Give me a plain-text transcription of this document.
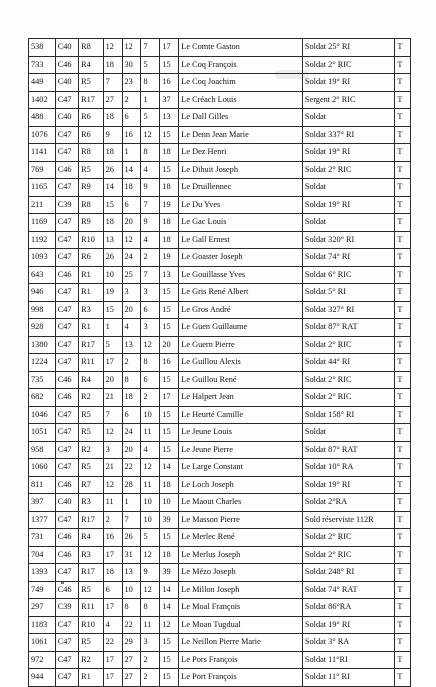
538	C40	R8	12	12	7	17	Le Comte Gaston	Soldat 25° RI	T
733	C46	R4	18	30	5	15	Le Coq François	Soldat 2° RIC	T
449	C40	R5	7	23	8	16	Le Coq Joachim	Soldat 19° RI	T
1402	C47	R17	27	2	1	37	Le Créach Louis	Sergent 2° RIC	T
488	C40	R6	18	6	5	13	Le Dall Gilles	Soldat	T
1076	C47	R6	9	16	12	15	Le Denn Jean Marie	Soldat 337° RI	T
1141	C47	R8	18	1	8	18	Le Dez Henri	Soldat 19° RI	T
769	C46	R5	26	14	4	15	Le Dihuit Joseph	Soldat 2° RIC	T
1165	C47	R9	14	18	9	18	Le Druillennec	Soldat	T
211	C39	R8	15	6	7	19	Le Du Yves	Soldat 19° RI	T
1169	C47	R9	18	20	9	18	Le Gac Louis	Soldat	T
1192	C47	R10	13	12	4	18	Le Gall Ernest	Soldat 320° RI	T
1093	C47	R6	26	24	2	19	Le Goaster Joseph	Soldat 74° RI	T
643	C46	R1	10	25	7	13	Le Gouillasse Yves	Soldat 6° RIC	T
946	C47	R1	19	3	3	15	Le Gris René Albert	Soldat 5° RI	T
998	C47	R3	15	20	6	15	Le Gros André	Soldat 327° RI	T
928	C47	R1	1	4	3	15	Le Guen Guillaume	Soldat 87° RAT	T
1380	C47	R17	5	13	12	20	Le Guern Pierre	Soldat 2° RIC	T
1224	C47	R11	17	2	8	16	Le Guillou Alexis	Soldat 44° RI	T
735	C46	R4	20	8	6	15	Le Guillou René	Soldat 2° RIC	T
682	C46	R2	21	18	2	17	Le Halpert Jean	Soldat 2° RIC	T
1046	C47	R5	7	6	10	15	Le Heurté Camille	Soldat 158° RI	T
1051	C47	R5	12	24	11	15	Le Jeune Louis	Soldat	T
958	C47	R2	3	20	4	15	Le Jeune Pierre	Soldat 87° RAT	T
1060	C47	R5	21	22	12	14	Le Large Constant	Soldat 10° RA	T
811	C46	R7	12	28	11	18	Le Loch Joseph	Soldat 19° RI	T
397	C40	R3	11	1	10	10	Le Maout Charles	Soldat 2°RA	T
1377	C47	R17	2	7	10	39	Le Masson Pierre	Sold réserviste 112R	T
731	C46	R4	16	26	5	15	Le Merlec René	Soldat 2° RIC	T
704	C46	R3	17	31	12	18	Le Merlus Joseph	Soldat 2° RIC	T
1393	C47	R17	18	13	9	39	Le Mézo Joseph	Soldat 248° RI	T
749	C46	R5	6	10	12	14	Le Millon Joseph	Soldat 74° RAT	T
297	C39	R11	17	8	8	14	Le Moal François	Soldat 86°RA	T
1183	C47	R10	4	22	11	12	Le Moan Tugdual	Soldat 19° RI	T
1061	C47	R5	22	29	3	15	Le Neillon Pierre Marie	Soldat 3° RA	T
972	C47	R2	17	27	2	15	Le Pors François	Soldat 11°RI	T
944	C47	R1	17	27	2	15	Le Port François	Soldat 11° RI	T
